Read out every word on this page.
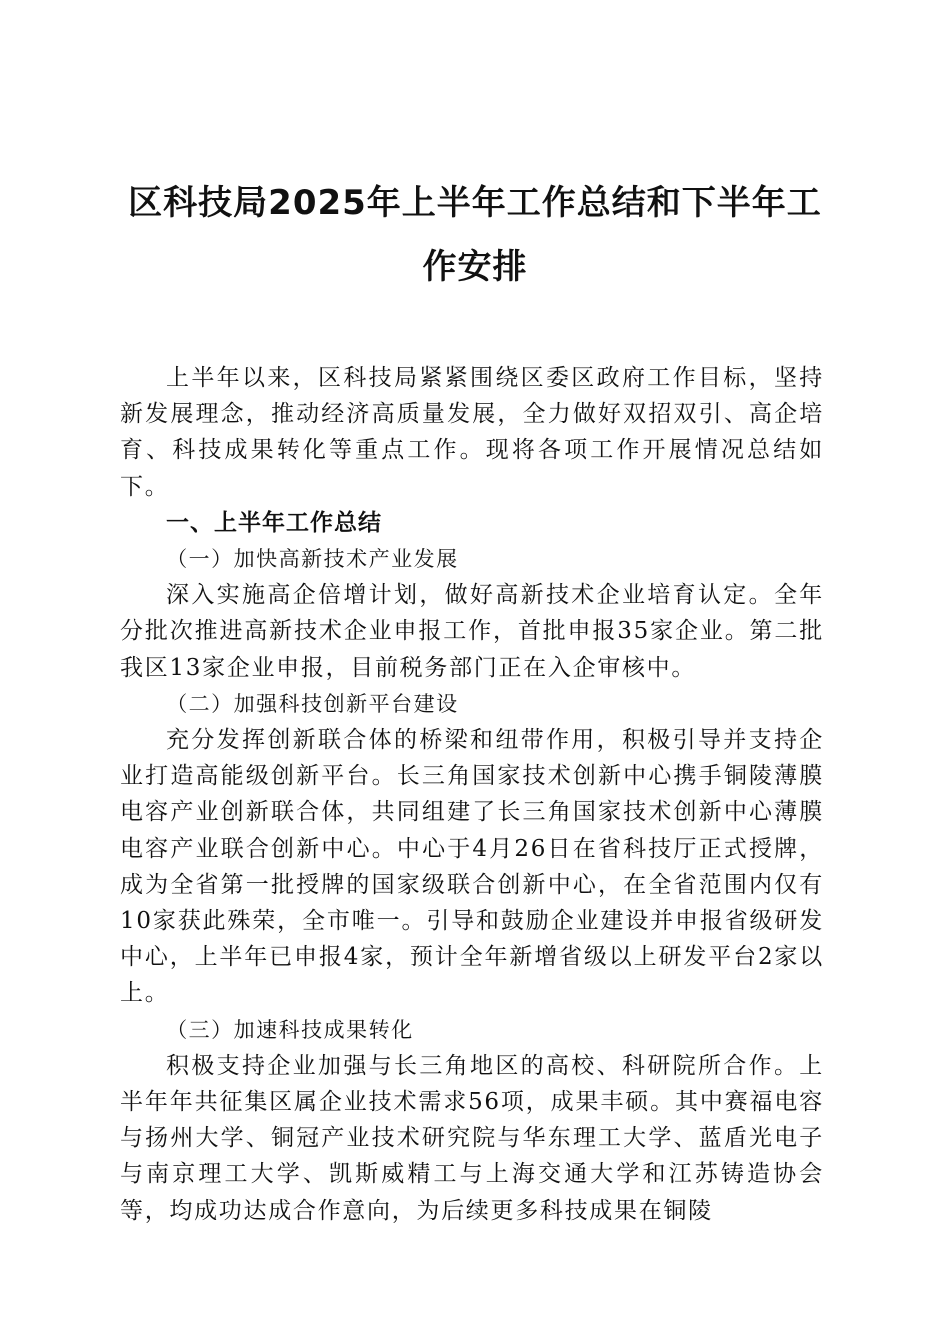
区科技局2025年上半年工作总结和下半年工
作安排

上半年以来，区科技局紧紧围绕区委区政府工作目标，坚持新发展理念，推动经济高质量发展，全力做好双招双引、高企培育、科技成果转化等重点工作。现将各项工作开展情况总结如下。

一、上半年工作总结

（一）加快高新技术产业发展

深入实施高企倍增计划，做好高新技术企业培育认定。全年分批次推进高新技术企业申报工作，首批申报35家企业。第二批我区13家企业申报，目前税务部门正在入企审核中。

（二）加强科技创新平台建设

充分发挥创新联合体的桥梁和纽带作用，积极引导并支持企业打造高能级创新平台。长三角国家技术创新中心携手铜陵薄膜电容产业创新联合体，共同组建了长三角国家技术创新中心薄膜电容产业联合创新中心。中心于4月26日在省科技厅正式授牌，成为全省第一批授牌的国家级联合创新中心，在全省范围内仅有10家获此殊荣，全市唯一。引导和鼓励企业建设并申报省级研发中心，上半年已申报4家，预计全年新增省级以上研发平台2家以上。

（三）加速科技成果转化

积极支持企业加强与长三角地区的高校、科研院所合作。上半年年共征集区属企业技术需求56项，成果丰硕。其中赛福电容与扬州大学、铜冠产业技术研究院与华东理工大学、蓝盾光电子与南京理工大学、凯斯威精工与上海交通大学和江苏铸造协会等，均成功达成合作意向，为后续更多科技成果在铜陵
